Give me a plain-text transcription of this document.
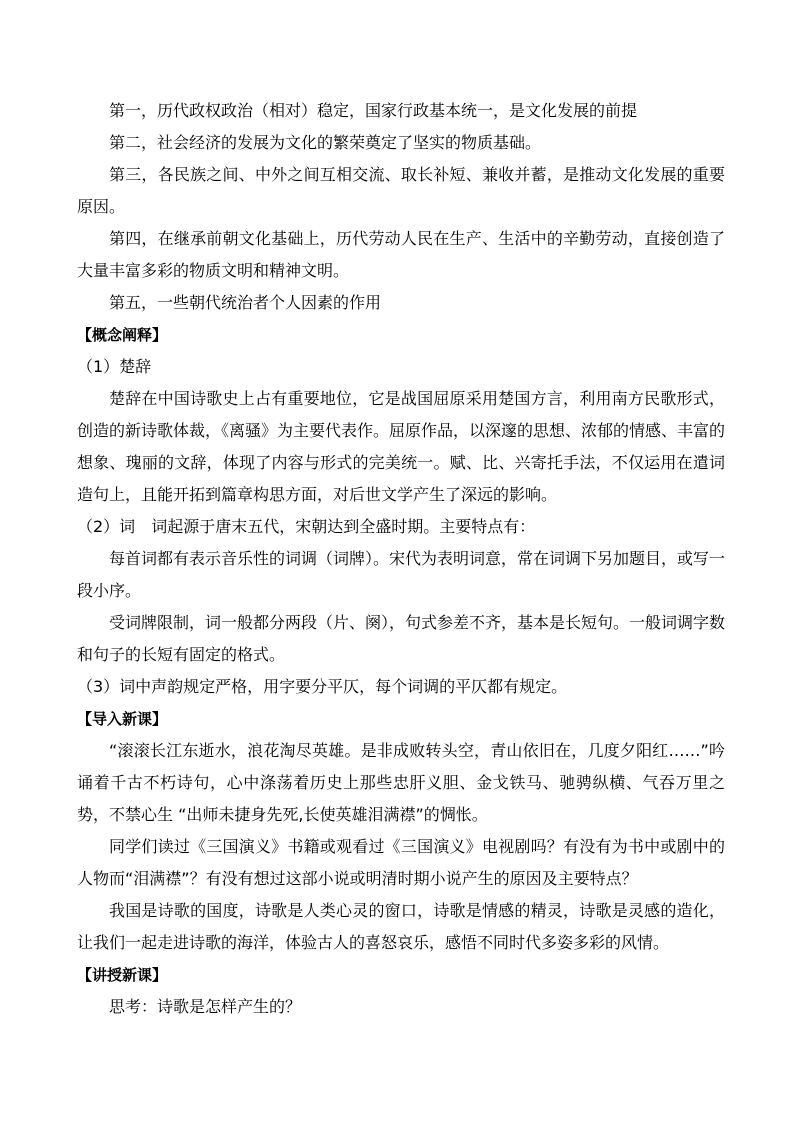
第一，历代政权政治（相对）稳定，国家行政基本统一，是文化发展的前提

第二，社会经济的发展为文化的繁荣奠定了坚实的物质基础。

第三，各民族之间、中外之间互相交流、取长补短、兼收并蓄，是推动文化发展的重要原因。

第四，在继承前朝文化基础上，历代劳动人民在生产、生活中的辛勤劳动，直接创造了大量丰富多彩的物质文明和精神文明。

第五，一些朝代统治者个人因素的作用

【概念阐释】

（1）楚辞

楚辞在中国诗歌史上占有重要地位，它是战国屈原采用楚国方言，利用南方民歌形式，创造的新诗歌体裁，《离骚》为主要代表作。屈原作品，以深邃的思想、浓郁的情感、丰富的想象、瑰丽的文辞，体现了内容与形式的完美统一。赋、比、兴寄托手法，不仅运用在遣词造句上，且能开拓到篇章构思方面，对后世文学产生了深远的影响。

（2）词 词起源于唐末五代，宋朝达到全盛时期。主要特点有：

每首词都有表示音乐性的词调（词牌）。宋代为表明词意，常在词调下另加题目，或写一段小序。

受词牌限制，词一般都分两段（片、阕），句式参差不齐，基本是长短句。一般词调字数和句子的长短有固定的格式。

（3）词中声韵规定严格，用字要分平仄，每个词调的平仄都有规定。

【导入新课】

“滚滚长江东逝水，浪花淘尽英雄。是非成败转头空，青山依旧在，几度夕阳红……”吟诵着千古不朽诗句，心中涤荡着历史上那些忠肝义胆、金戈铁马、驰骋纵横、气吞万里之势，不禁心生 “出师未捷身先死,长使英雄泪满襟”的惆怅。

同学们读过《三国演义》书籍或观看过《三国演义》电视剧吗？有没有为书中或剧中的人物而“泪满襟”？有没有想过这部小说或明清时期小说产生的原因及主要特点？

我国是诗歌的国度，诗歌是人类心灵的窗口，诗歌是情感的精灵，诗歌是灵感的造化，让我们一起走进诗歌的海洋，体验古人的喜怒哀乐，感悟不同时代多姿多彩的风情。

【讲授新课】

思考：诗歌是怎样产生的？
